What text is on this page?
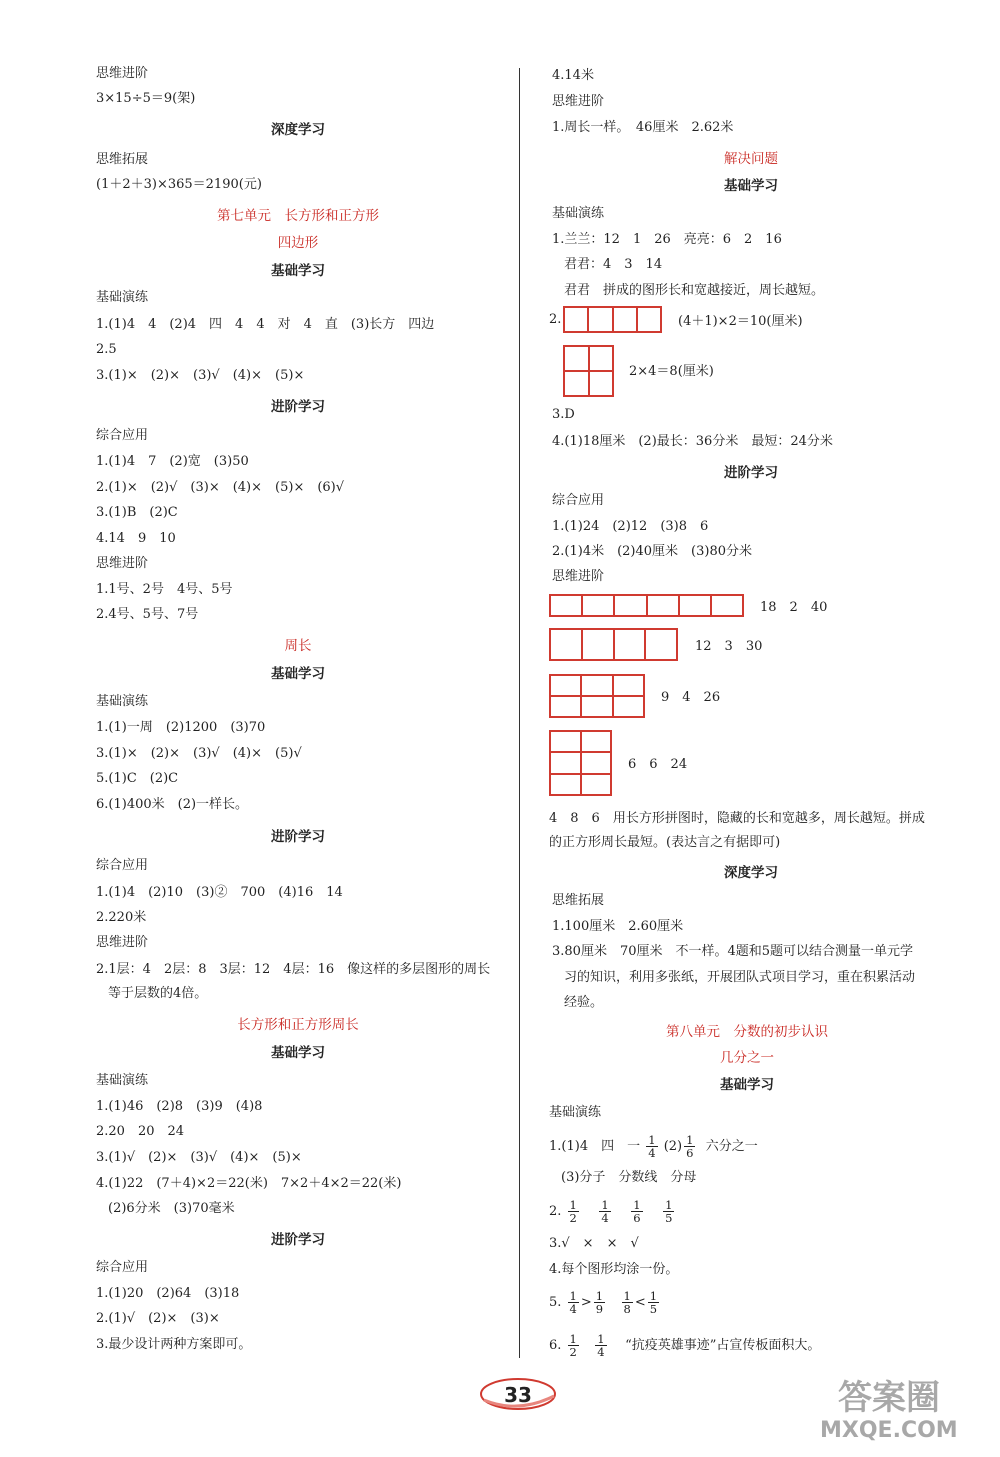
思维进阶
3×15÷5＝9(架)
深度学习
思维拓展
(1＋2＋3)×365＝2190(元)
第七单元　长方形和正方形
四边形
基础学习
基础演练
1.(1)4　4　(2)4　四　4　4　对　4　直　(3)长方　四边
2.5
3.(1)×　(2)×　(3)√　(4)×　(5)×
进阶学习
综合应用
1.(1)4　7　(2)宽　(3)50
2.(1)×　(2)√　(3)×　(4)×　(5)×　(6)√
3.(1)B　(2)C
4.14　9　10
思维进阶
1.1号、2号　4号、5号
2.4号、5号、7号
周长
基础学习
基础演练
1.(1)一周　(2)1200　(3)70
3.(1)×　(2)×　(3)√　(4)×　(5)√
5.(1)C　(2)C
6.(1)400米　(2)一样长。
进阶学习
综合应用
1.(1)4　(2)10　(3)②　700　(4)16　14
2.220米
思维进阶
2.1层：4　2层：8　3层：12　4层：16　像这样的多层图形的周长
等于层数的4倍。
长方形和正方形周长
基础学习
基础演练
1.(1)46　(2)8　(3)9　(4)8
2.20　20　24
3.(1)√　(2)×　(3)√　(4)×　(5)×
4.(1)22　(7＋4)×2＝22(米)　7×2＋4×2＝22(米)
(2)6分米　(3)70毫米
进阶学习
综合应用
1.(1)20　(2)64　(3)18
2.(1)√　(2)×　(3)×
3.最少设计两种方案即可。
4.14米
思维进阶
1.周长一样。　46厘米　2.62米
解决问题
基础学习
基础演练
1.兰兰：12　1　26　亮亮：6　2　16
君君：4　3　14
君君　拼成的图形长和宽越接近，周长越短。
2.	(4＋1)×2＝10(厘米)
2×4＝8(厘米)
3.D
4.(1)18厘米　(2)最长：36分米　最短：24分米
进阶学习
综合应用
1.(1)24　(2)12　(3)8　6
2.(1)4米　(2)40厘米　(3)80分米
思维进阶
18　2　40
12　3　30
9　4　26
6　6　24
4　8　6　用长方形拼图时，隐藏的长和宽越多，周长越短。拼成
的正方形周长最短。(表达言之有据即可)
深度学习
思维拓展
1.100厘米　2.60厘米
3.80厘米　70厘米　不一样。4题和5题可以结合测量一单元学
习的知识，利用多张纸，开展团队式项目学习，重在积累活动
经验。
第八单元　分数的初步认识
几分之一
基础学习
基础演练
(3)分子　分数线　分母
3.√　×　×　√
4.每个图形均涂一份。
1.(1)4　四　一 $\frac{1}{4} (2) \frac{1}{6}$ 六分之一
2. $\frac{1}{2}$
$\frac{1}{4}$
$\frac{1}{6}$
$\frac{1}{5}$
5. $\frac{1}{4} > \frac{1}{9}$
$\frac{1}{8} < \frac{1}{5}$
6. $\frac{1}{2}$
$\frac{1}{4}$ “抗疫英雄事迹”占宣传板面积大。
33	答案圈
MXQE.COM
